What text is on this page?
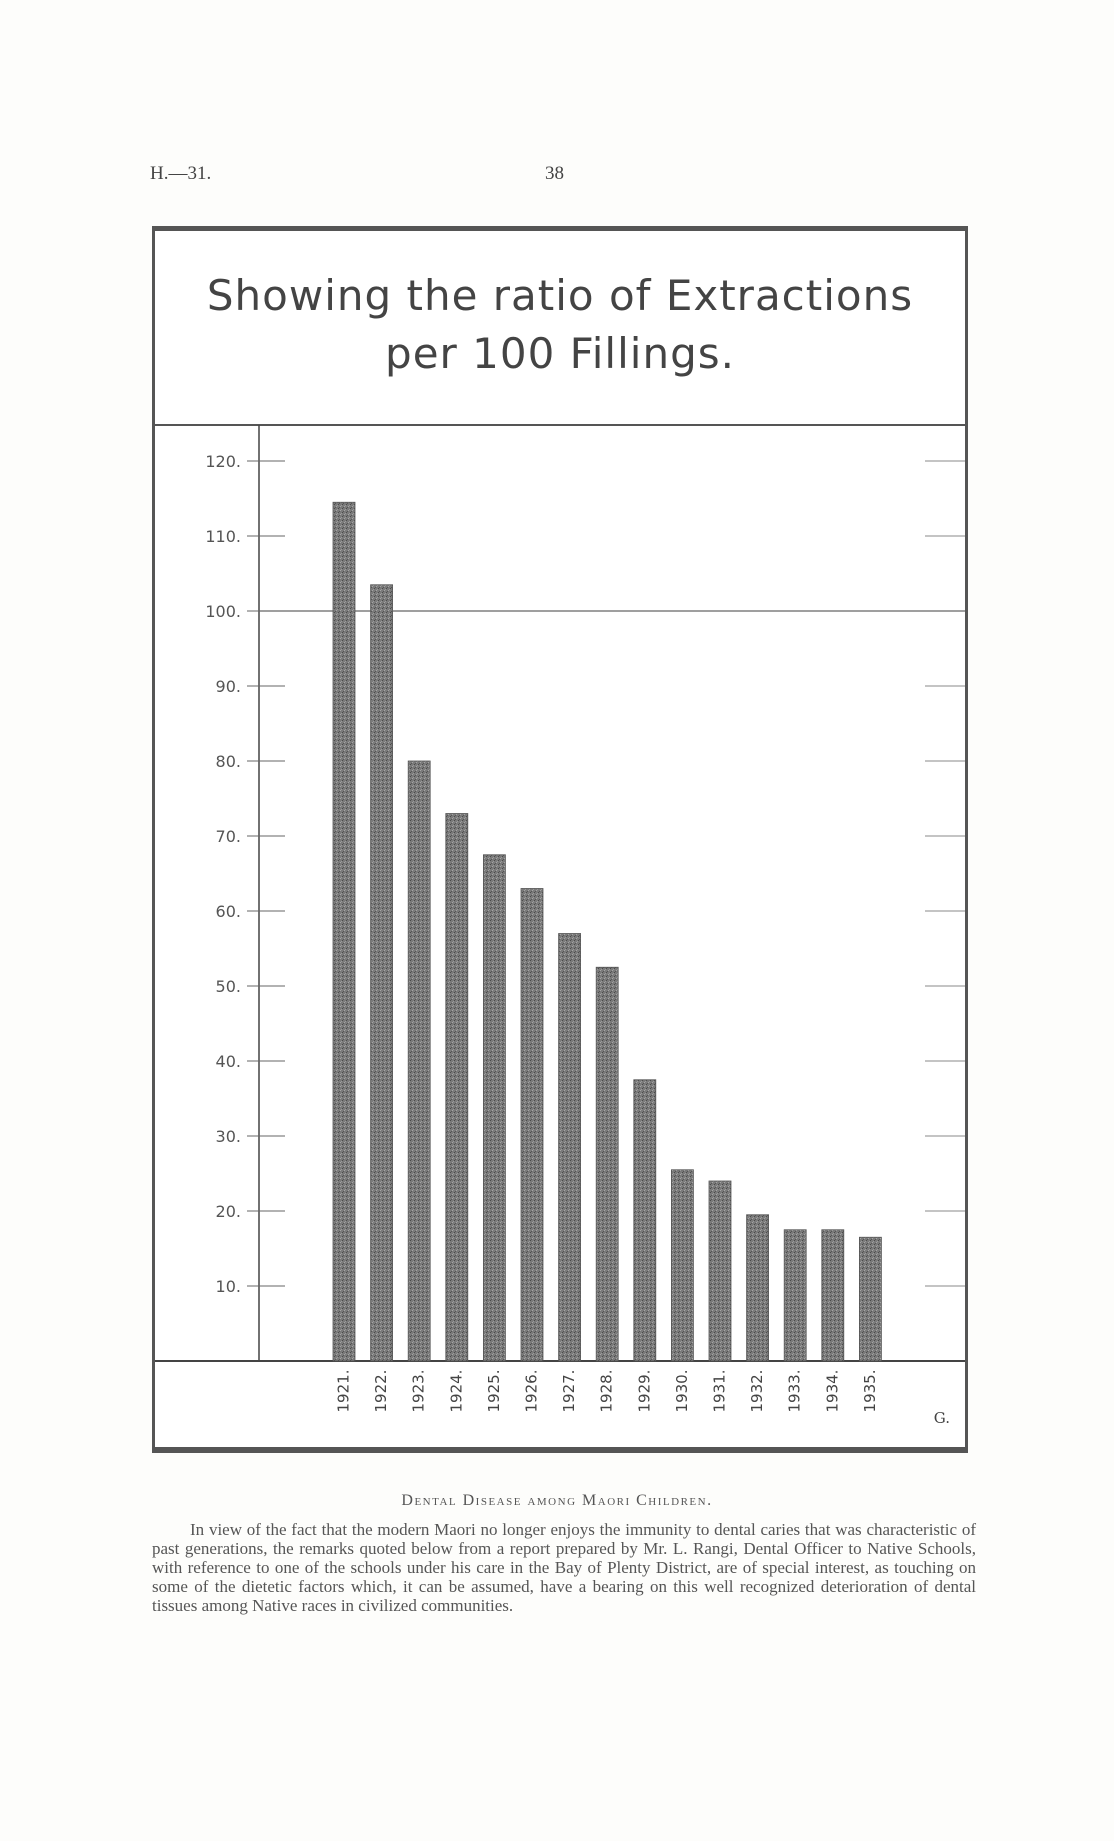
H.—31.	38
10.
20.
30.
40.
50.
60.
70.
80.
90.
100.
110.
120.
1921. 1922. 1923. 1924. 1925. 1926. 1927. 1928. 1929. 1930. 1931. 1932. 1933. 1934. 1935.
G.
Showing the ratio of Extractions
per 100 Fillings.
Dental Disease among Maori Children.

In view of the fact that the modern Maori no longer enjoys the immunity to dental caries that was characteristic of past generations, the remarks quoted below from a report prepared by Mr. L. Rangi, Dental Officer to Native Schools, with reference to one of the schools under his care in the Bay of Plenty District, are of special interest, as touching on some of the dietetic factors which, it can be assumed, have a bearing on this well recognized deterioration of dental tissues among Native races in civilized communities.
